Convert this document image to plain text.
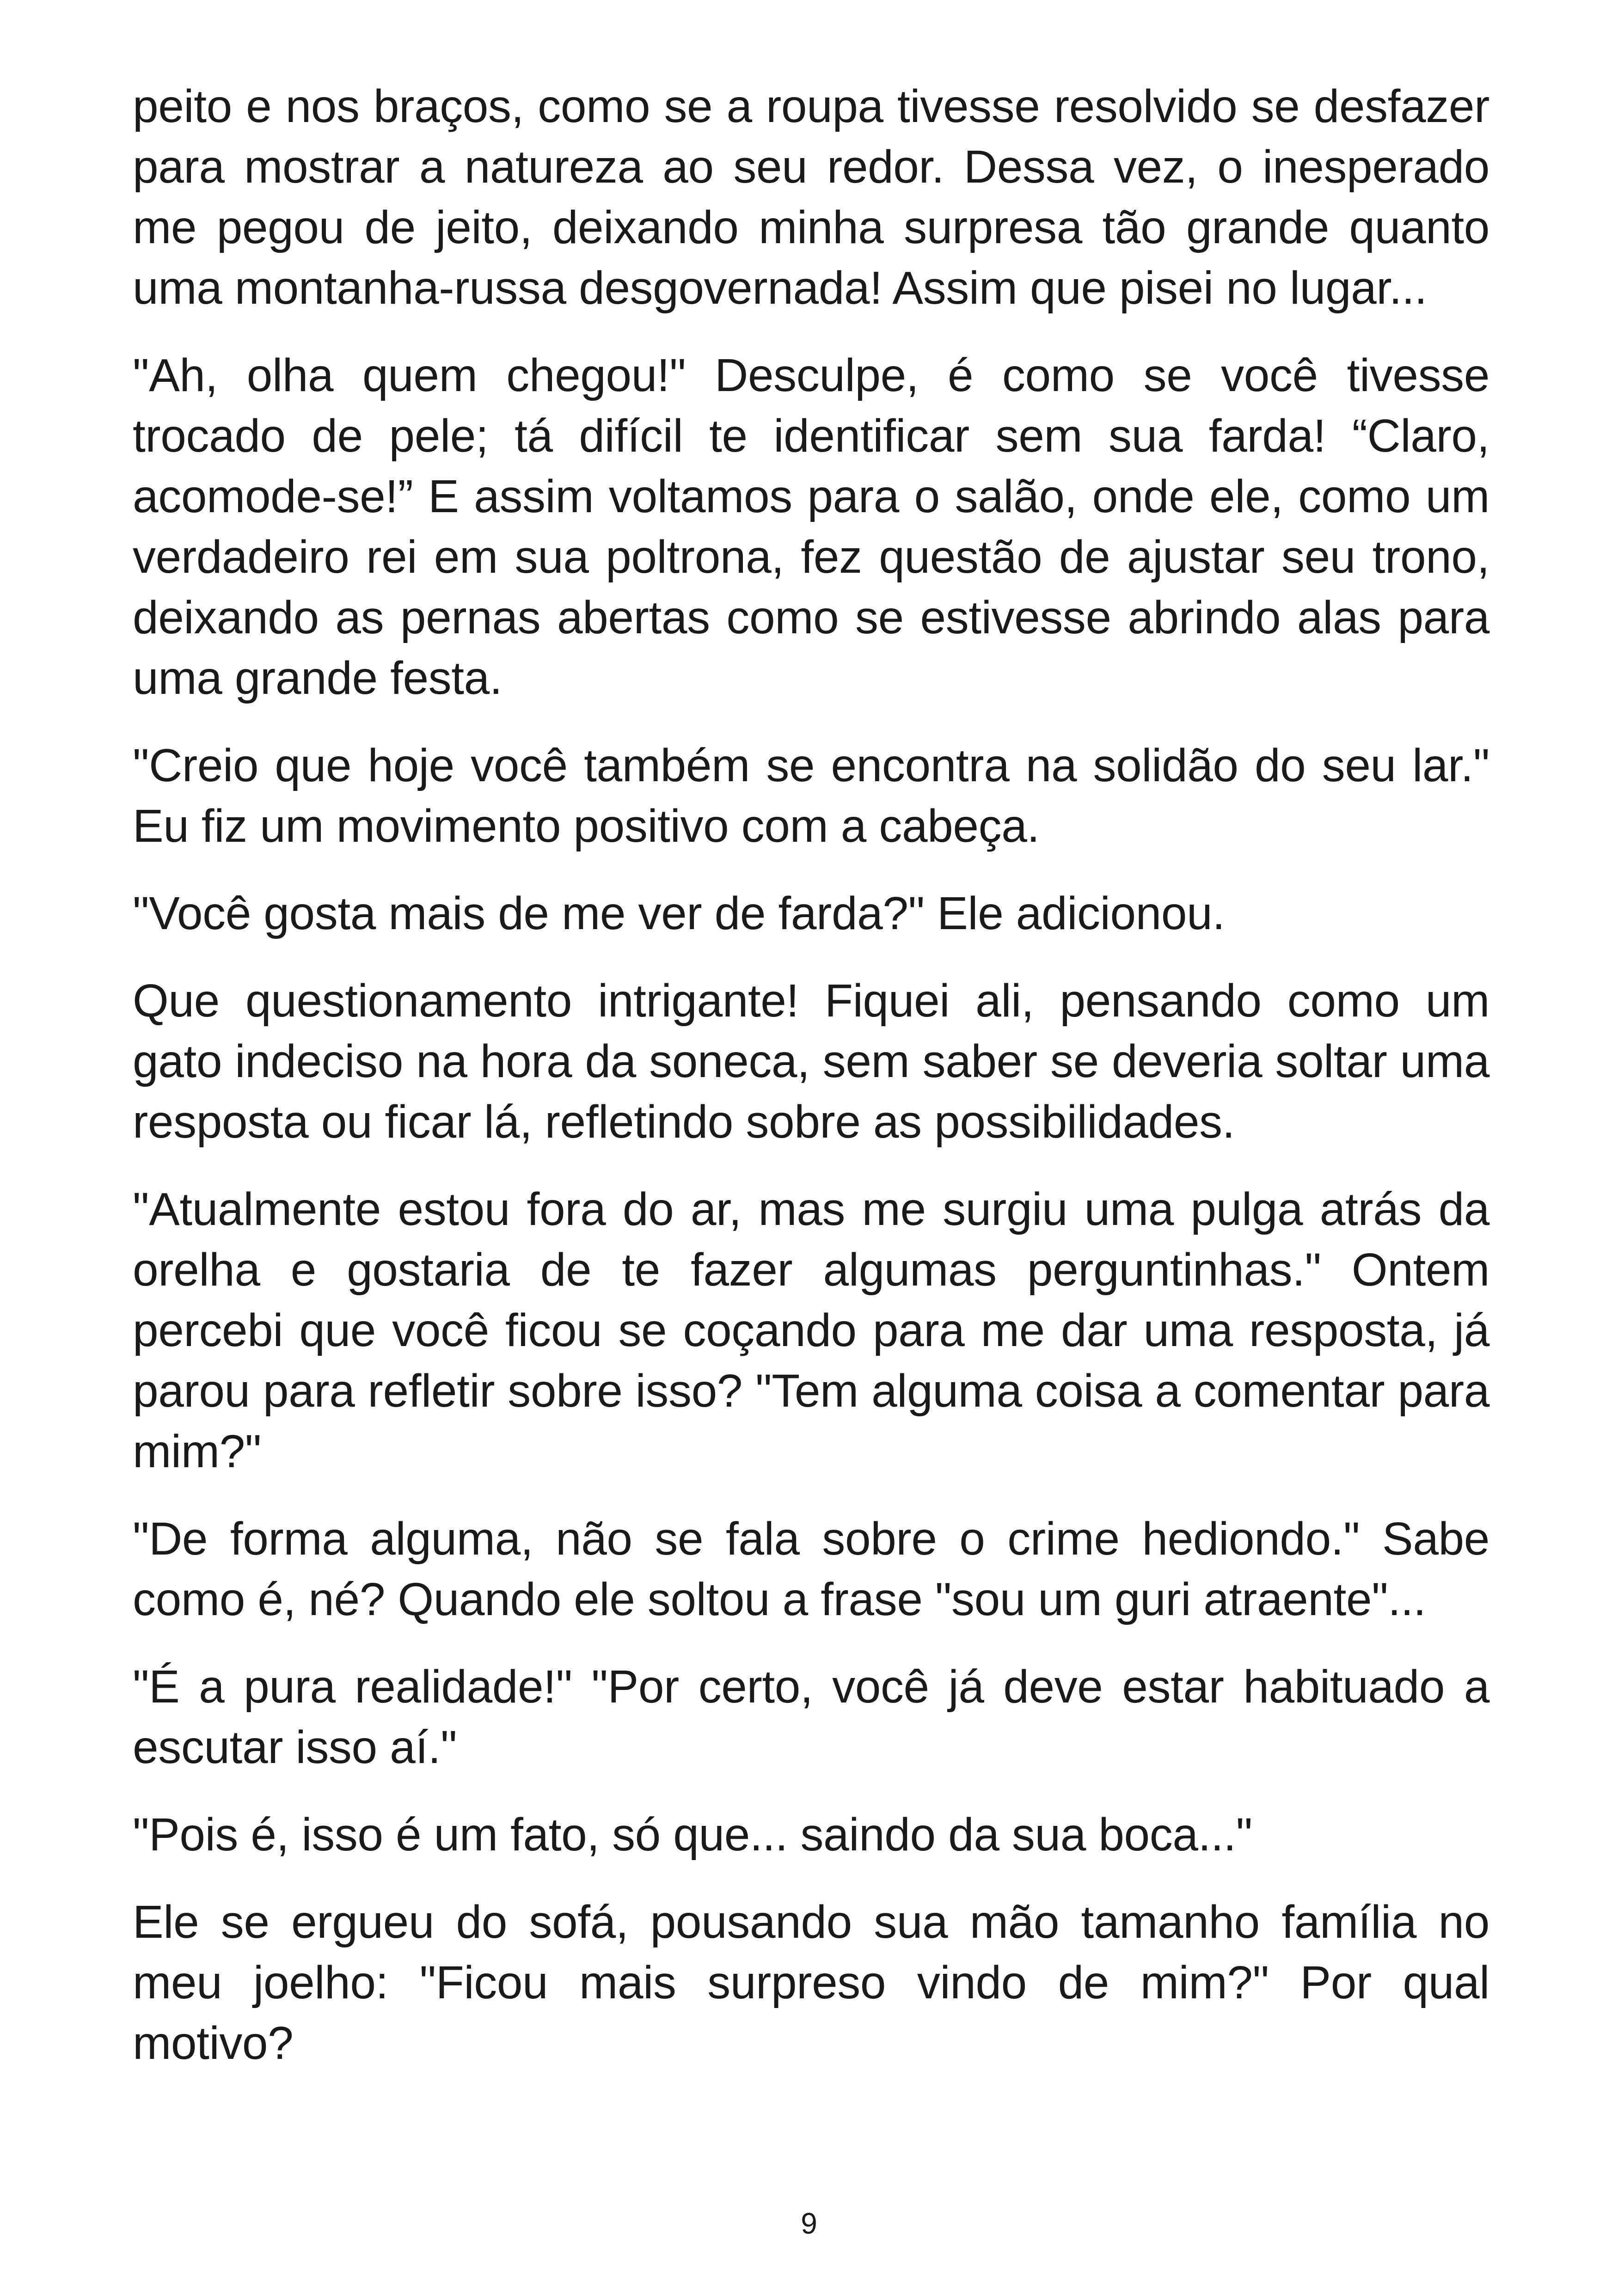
peito e nos braços, como se a roupa tivesse resolvido se desfazer para mostrar a natureza ao seu redor. Dessa vez, o inesperado me pegou de jeito, deixando minha surpresa tão grande quanto uma montanha-russa desgovernada! Assim que pisei no lugar...

"Ah, olha quem chegou!" Desculpe, é como se você tivesse trocado de pele; tá difícil te identificar sem sua farda! “Claro, acomode-se!” E assim voltamos para o salão, onde ele, como um verdadeiro rei em sua poltrona, fez questão de ajustar seu trono, deixando as pernas abertas como se estivesse abrindo alas para uma grande festa.

"Creio que hoje você também se encontra na solidão do seu lar." Eu fiz um movimento positivo com a cabeça.

"Você gosta mais de me ver de farda?" Ele adicionou.

Que questionamento intrigante! Fiquei ali, pensando como um gato indeciso na hora da soneca, sem saber se deveria soltar uma resposta ou ficar lá, refletindo sobre as possibilidades.

"Atualmente estou fora do ar, mas me surgiu uma pulga atrás da orelha e gostaria de te fazer algumas perguntinhas." Ontem percebi que você ficou se coçando para me dar uma resposta, já parou para refletir sobre isso? "Tem alguma coisa a comentar para mim?"

"De forma alguma, não se fala sobre o crime hediondo." Sabe como é, né? Quando ele soltou a frase "sou um guri atraente"...

"É a pura realidade!" "Por certo, você já deve estar habituado a escutar isso aí."

"Pois é, isso é um fato, só que... saindo da sua boca..."

Ele se ergueu do sofá, pousando sua mão tamanho família no meu joelho: "Ficou mais surpreso vindo de mim?" Por qual motivo?

9
